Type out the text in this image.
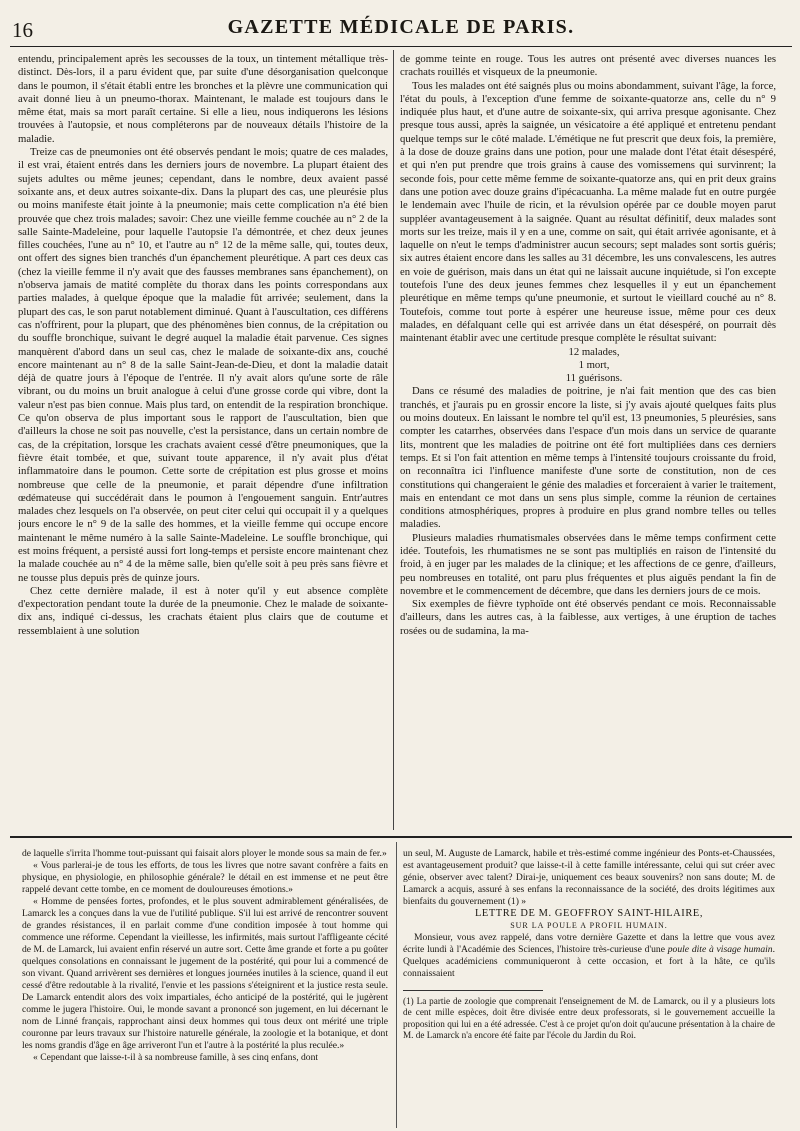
16	GAZETTE MÉDICALE DE PARIS.

entendu, principalement après les secousses de la toux, un tintement métallique très-distinct. Dès-lors, il a paru évident que, par suite d'une désorganisation quelconque dans le poumon, il s'était établi entre les bronches et la plèvre une communication qui avait donné lieu à un pneumo-thorax. Maintenant, le malade est toujours dans le même état, mais sa mort paraît certaine. Si elle a lieu, nous indiquerons les lésions trouvées à l'autopsie, et nous compléterons par de nouveaux détails l'histoire de la maladie.

Treize cas de pneumonies ont été observés pendant le mois; quatre de ces malades, il est vrai, étaient entrés dans les derniers jours de novembre. La plupart étaient des sujets adultes ou même jeunes; cependant, dans le nombre, deux avaient passé soixante ans, et deux autres soixante-dix. Dans la plupart des cas, une pleurésie plus ou moins manifeste était jointe à la pneumonie; mais cette complication n'a été bien prouvée que chez trois malades; savoir: Chez une vieille femme couchée au n° 2 de la salle Sainte-Madeleine, pour laquelle l'autopsie l'a démontrée, et chez deux jeunes filles couchées, l'une au n° 10, et l'autre au n° 12 de la même salle, qui, toutes deux, ont offert des signes bien tranchés d'un épanchement pleurétique. A part ces deux cas (chez la vieille femme il n'y avait que des fausses membranes sans épanchement), on n'observa jamais de matité complète du thorax dans les points correspondans aux parties malades, à quelque époque que la maladie fût arrivée; seulement, dans la plupart des cas, le son parut notablement diminué. Quant à l'auscultation, ces différens cas n'offrirent, pour la plupart, que des phénomènes bien connus, de la crépitation ou du souffle bronchique, suivant le degré auquel la maladie était parvenue. Ces signes manquèrent d'abord dans un seul cas, chez le malade de soixante-dix ans, couché encore maintenant au n° 8 de la salle Saint-Jean-de-Dieu, et dont la maladie datait déjà de quatre jours à l'époque de l'entrée. Il n'y avait alors qu'une sorte de râle vibrant, ou du moins un bruit analogue à celui d'une grosse corde qui vibre, dont la valeur n'est pas bien connue. Mais plus tard, on entendit de la respiration bronchique. Ce qu'on observa de plus important sous le rapport de l'auscultation, bien que d'ailleurs la chose ne soit pas nouvelle, c'est la persistance, dans un certain nombre de cas, de la crépitation, lorsque les crachats avaient cessé d'être pneumoniques, que la fièvre était tombée, et que, suivant toute apparence, il n'y avait plus d'état inflammatoire dans le poumon. Cette sorte de crépitation est plus grosse et moins nombreuse que celle de la pneumonie, et parait dépendre d'une infiltration œdémateuse qui succédérait dans le poumon à l'engouement sanguin. Entr'autres malades chez lesquels on l'a observée, on peut citer celui qui occupait il y a quelques jours encore le n° 9 de la salle des hommes, et la vieille femme qui occupe encore maintenant le même numéro à la salle Sainte-Madeleine. Le souffle bronchique, qui est moins fréquent, a persisté aussi fort long-temps et persiste encore maintenant chez la malade couchée au n° 4 de la même salle, bien qu'elle soit à peu près sans fièvre et ne tousse plus depuis près de quinze jours.

Chez cette dernière malade, il est à noter qu'il y eut absence complète d'expectoration pendant toute la durée de la pneumonie. Chez le malade de soixante-dix ans, indiqué ci-dessus, les crachats étaient plus clairs que de coutume et ressemblaient à une solution

de gomme teinte en rouge. Tous les autres ont présenté avec diverses nuances les crachats rouillés et visqueux de la pneumonie.

Tous les malades ont été saignés plus ou moins abondamment, suivant l'âge, la force, l'état du pouls, à l'exception d'une femme de soixante-quatorze ans, celle du n° 9 indiquée plus haut, et d'une autre de soixante-six, qui arriva presque agonisante. Chez presque tous aussi, après la saignée, un vésicatoire a été appliqué et entretenu pendant quelque temps sur le côté malade. L'émétique ne fut prescrit que deux fois, la première, à la dose de douze grains dans une potion, pour une malade dont l'état était désespéré, et qui n'en put prendre que trois grains à cause des vomissemens qui survinrent; la seconde fois, pour cette même femme de soixante-quatorze ans, qui en prit deux grains dans une potion avec douze grains d'ipécacuanha. La même malade fut en outre purgée le lendemain avec l'huile de ricin, et la révulsion opérée par ce double moyen parut suppléer avantageusement à la saignée. Quant au résultat définitif, deux malades sont morts sur les treize, mais il y en a une, comme on sait, qui était arrivée agonisante, et à laquelle on n'eut le temps d'administrer aucun secours; sept malades sont sortis guéris; six autres étaient encore dans les salles au 31 décembre, les uns convalescens, les autres en voie de guérison, mais dans un état qui ne laissait aucune inquiétude, si l'on excepte toutefois l'une des deux jeunes femmes chez lesquelles il y eut un épanchement pleurétique en même temps qu'une pneumonie, et surtout le vieillard couché au n° 8. Toutefois, comme tout porte à espérer une heureuse issue, même pour ces deux malades, en défalquant celle qui est arrivée dans un état désespéré, on pourrait dès maintenant établir avec une certitude presque complète le résultat suivant:

12 malades,

1 mort,

11 guérisons.

Dans ce résumé des maladies de poitrine, je n'ai fait mention que des cas bien tranchés, et j'aurais pu en grossir encore la liste, si j'y avais ajouté quelques faits plus ou moins douteux. En laissant le nombre tel qu'il est, 13 pneumonies, 5 pleurésies, sans compter les catarrhes, observées dans l'espace d'un mois dans un service de quarante lits, montrent que les maladies de poitrine ont été fort multipliées dans ces derniers temps. Et si l'on fait attention en même temps à l'intensité toujours croissante du froid, on reconnaîtra ici l'influence manifeste d'une sorte de constitution, non de ces constitutions qui changeraient le génie des maladies et forceraient à varier le traitement, mais en entendant ce mot dans un sens plus simple, comme la réunion de certaines conditions atmosphériques, propres à produire en plus grand nombre telles ou telles maladies.

Plusieurs maladies rhumatismales observées dans le même temps confirment cette idée. Toutefois, les rhumatismes ne se sont pas multipliés en raison de l'intensité du froid, à en juger par les malades de la clinique; et les affections de ce genre, d'ailleurs, peu nombreuses en totalité, ont paru plus fréquentes et plus aiguës pendant la fin de novembre et le commencement de décembre, que dans les derniers jours de ce mois.

Six exemples de fièvre typhoïde ont été observés pendant ce mois. Reconnaissable d'ailleurs, dans les autres cas, à la faiblesse, aux vertiges, à une éruption de taches rosées ou de sudamina, la ma-

de laquelle s'irrita l'homme tout-puissant qui faisait alors ployer le monde sous sa main de fer.»

« Vous parlerai-je de tous les efforts, de tous les livres que notre savant confrère a faits en physique, en physiologie, en philosophie générale? le détail en est immense et ne peut être rappelé devant cette tombe, en ce moment de douloureuses émotions.»

« Homme de pensées fortes, profondes, et le plus souvent admirablement généralisées, de Lamarck les a conçues dans la vue de l'utilité publique. S'il lui est arrivé de rencontrer souvent de grandes résistances, il en parlait comme d'une condition imposée à tout homme qui commence une réforme. Cependant la vieillesse, les infirmités, mais surtout l'affligeante cécité de M. de Lamarck, lui avaient enfin réservé un autre sort. Cette âme grande et forte a pu goûter quelques consolations en connaissant le jugement de la postérité, qui pour lui a commencé de son vivant. Quand arrivèrent ses dernières et longues journées inutiles à la science, quand il eut cessé d'être redoutable à la rivalité, l'envie et les passions s'éteignirent et la justice resta seule. De Lamarck entendit alors des voix impartiales, écho anticipé de la postérité, qui le jugèrent comme le jugera l'histoire. Oui, le monde savant a prononcé son jugement, en lui décernant le nom de Linné français, rapprochant ainsi deux hommes qui tous deux ont mérité une triple couronne par leurs travaux sur l'histoire naturelle générale, la zoologie et la botanique, et dont les noms grandis d'âge en âge arriveront l'un et l'autre à la postérité la plus reculée.»

« Cependant que laisse-t-il à sa nombreuse famille, à ses cinq enfans, dont

un seul, M. Auguste de Lamarck, habile et très-estimé comme ingénieur des Ponts-et-Chaussées, est avantageusement produit? que laisse-t-il à cette famille intéressante, celui qui sut créer avec génie, observer avec talent? Dirai-je, uniquement ces beaux souvenirs? non sans doute; M. de Lamarck a acquis, assuré à ses enfans la reconnaissance de la société, des droits légitimes aux bienfaits du gouvernement (1) »

LETTRE DE M. GEOFFROY SAINT-HILAIRE,

SUR LA POULE A PROFIL HUMAIN.

Monsieur, vous avez rappelé, dans votre dernière Gazette et dans la lettre que vous avez écrite lundi à l'Académie des Sciences, l'histoire très-curieuse d'une poule dite à visage humain. Quelques académiciens communiqueront à cette occasion, et fort à la hâte, ce qu'ils connaissaient

(1) La partie de zoologie que comprenait l'enseignement de M. de Lamarck, ou il y a plusieurs lots de cent mille espèces, doit être divisée entre deux professorats, si le gouvernement accueille la proposition qui lui en a été adressée. C'est à ce projet qu'on doit qu'aucune présentation à la chaire de M. de Lamarck n'a encore été faite par l'école du Jardin du Roi.
